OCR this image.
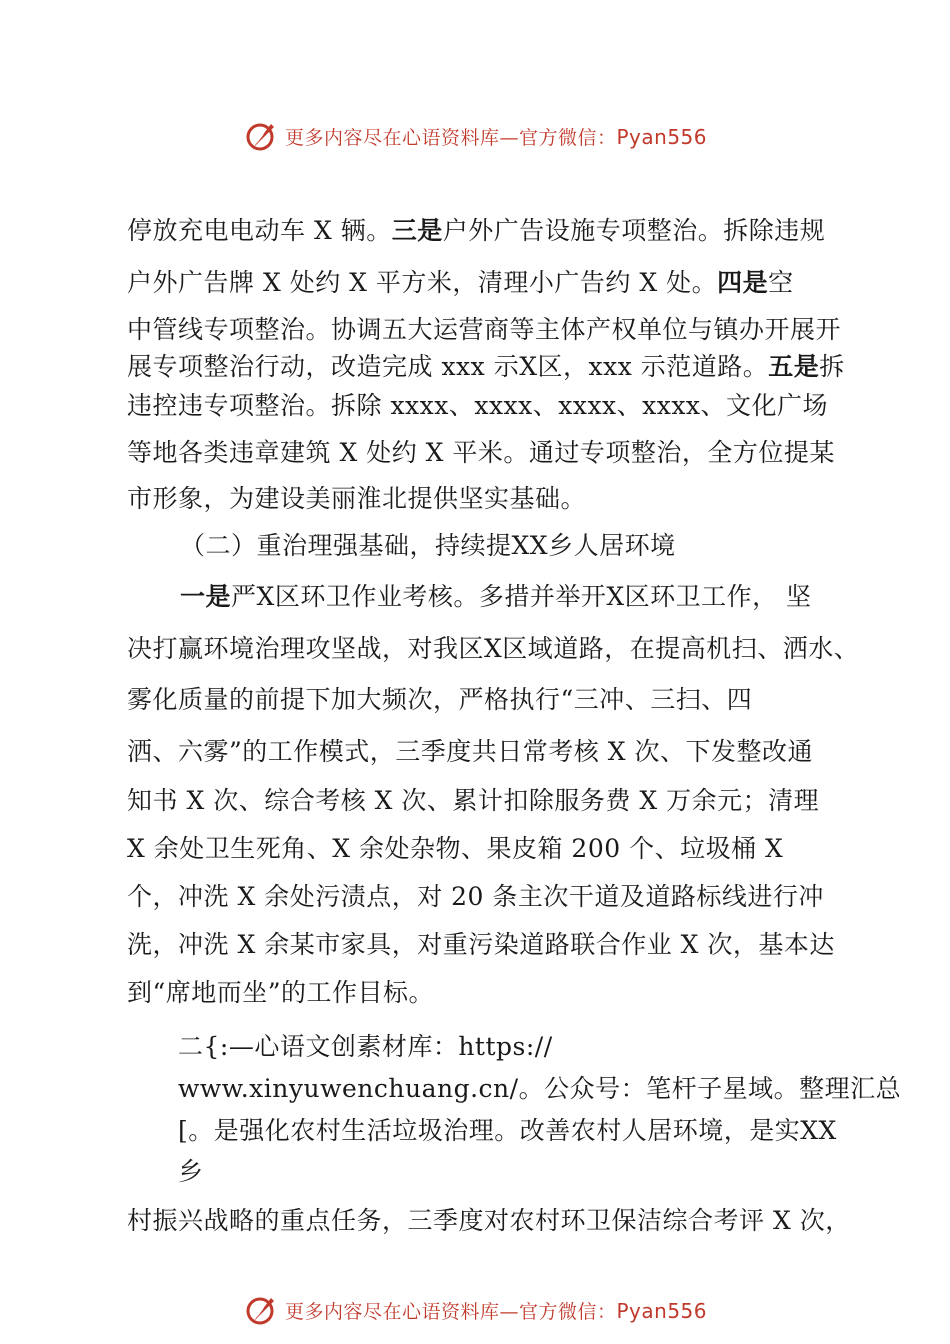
更多内容尽在心语资料库—官方微信：Pyan556
停放充电电动车 X 辆。三是户外广告设施专项整治。拆除违规
户外广告牌 X 处约 X 平方米，清理小广告约 X 处。四是空
中管线专项整治。协调五大运营商等主体产权单位与镇办开展开
展专项整治行动，改造完成 xxx 示X区，xxx 示范道路。五是拆
违控违专项整治。拆除 xxxx、xxxx、xxxx、xxxx、文化广场
等地各类违章建筑 X 处约 X 平米。通过专项整治，全方位提某
市形象，为建设美丽淮北提供坚实基础。
（二）重治理强基础，持续提XX乡人居环境
一是严X区环卫作业考核。多措并举开X区环卫工作， 坚
决打赢环境治理攻坚战，对我区X区域道路，在提高机扫、洒水、
雾化质量的前提下加大频次，严格执行“三冲、三扫、四
洒、六雾”的工作模式，三季度共日常考核 X 次、下发整改通
知书 X 次、综合考核 X 次、累计扣除服务费 X 万余元；清理
X 余处卫生死角、X 余处杂物、果皮箱 200 个、垃圾桶 X
个，冲洗 X 余处污渍点，对 20 条主次干道及道路标线进行冲
洗，冲洗 X 余某市家具，对重污染道路联合作业 X 次，基本达
到“席地而坐”的工作目标。
二{:—心语文创素材库：https://
www.xinyuwenchuang.cn/。公众号：笔杆子星域。整理汇总
[。是强化农村生活垃圾治理。改善农村人居环境，是实XX
乡
村振兴战略的重点任务，三季度对农村环卫保洁综合考评 X 次，
更多内容尽在心语资料库—官方微信：Pyan556
